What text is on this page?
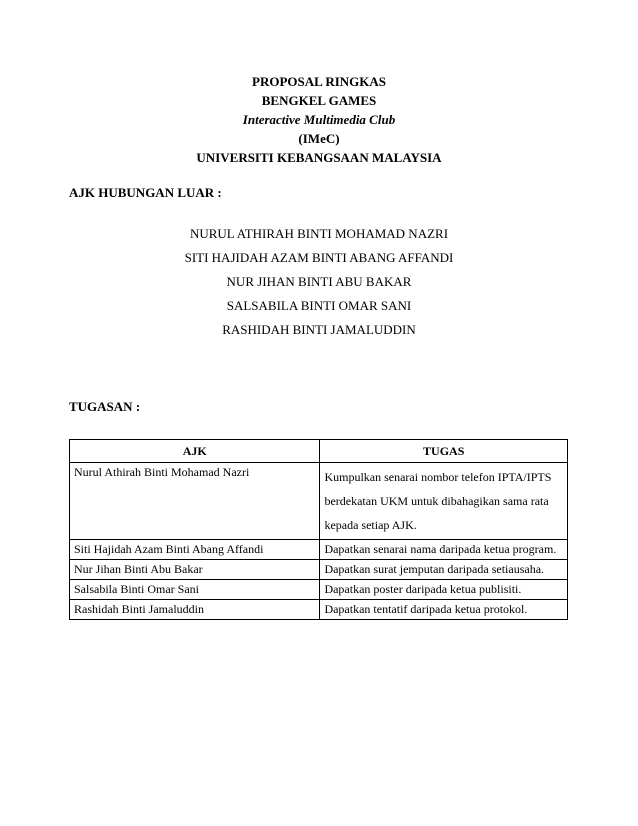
PROPOSAL RINGKAS
BENGKEL GAMES
Interactive Multimedia Club
(IMeC)
UNIVERSITI KEBANGSAAN MALAYSIA
AJK HUBUNGAN LUAR :
NURUL ATHIRAH BINTI MOHAMAD NAZRI
SITI HAJIDAH AZAM BINTI ABANG AFFANDI
NUR JIHAN BINTI ABU BAKAR
SALSABILA BINTI OMAR SANI
RASHIDAH BINTI JAMALUDDIN
TUGASAN :
AJK	TUGAS
Nurul Athirah Binti Mohamad Nazri	Kumpulkan senarai nombor telefon IPTA/IPTS berdekatan UKM untuk dibahagikan sama rata kepada setiap AJK.
Siti Hajidah Azam Binti Abang Affandi	Dapatkan senarai nama daripada ketua program.
Nur Jihan Binti Abu Bakar	Dapatkan surat jemputan daripada setiausaha.
Salsabila Binti Omar Sani	Dapatkan poster daripada ketua publisiti.
Rashidah Binti Jamaluddin	Dapatkan tentatif daripada ketua protokol.
